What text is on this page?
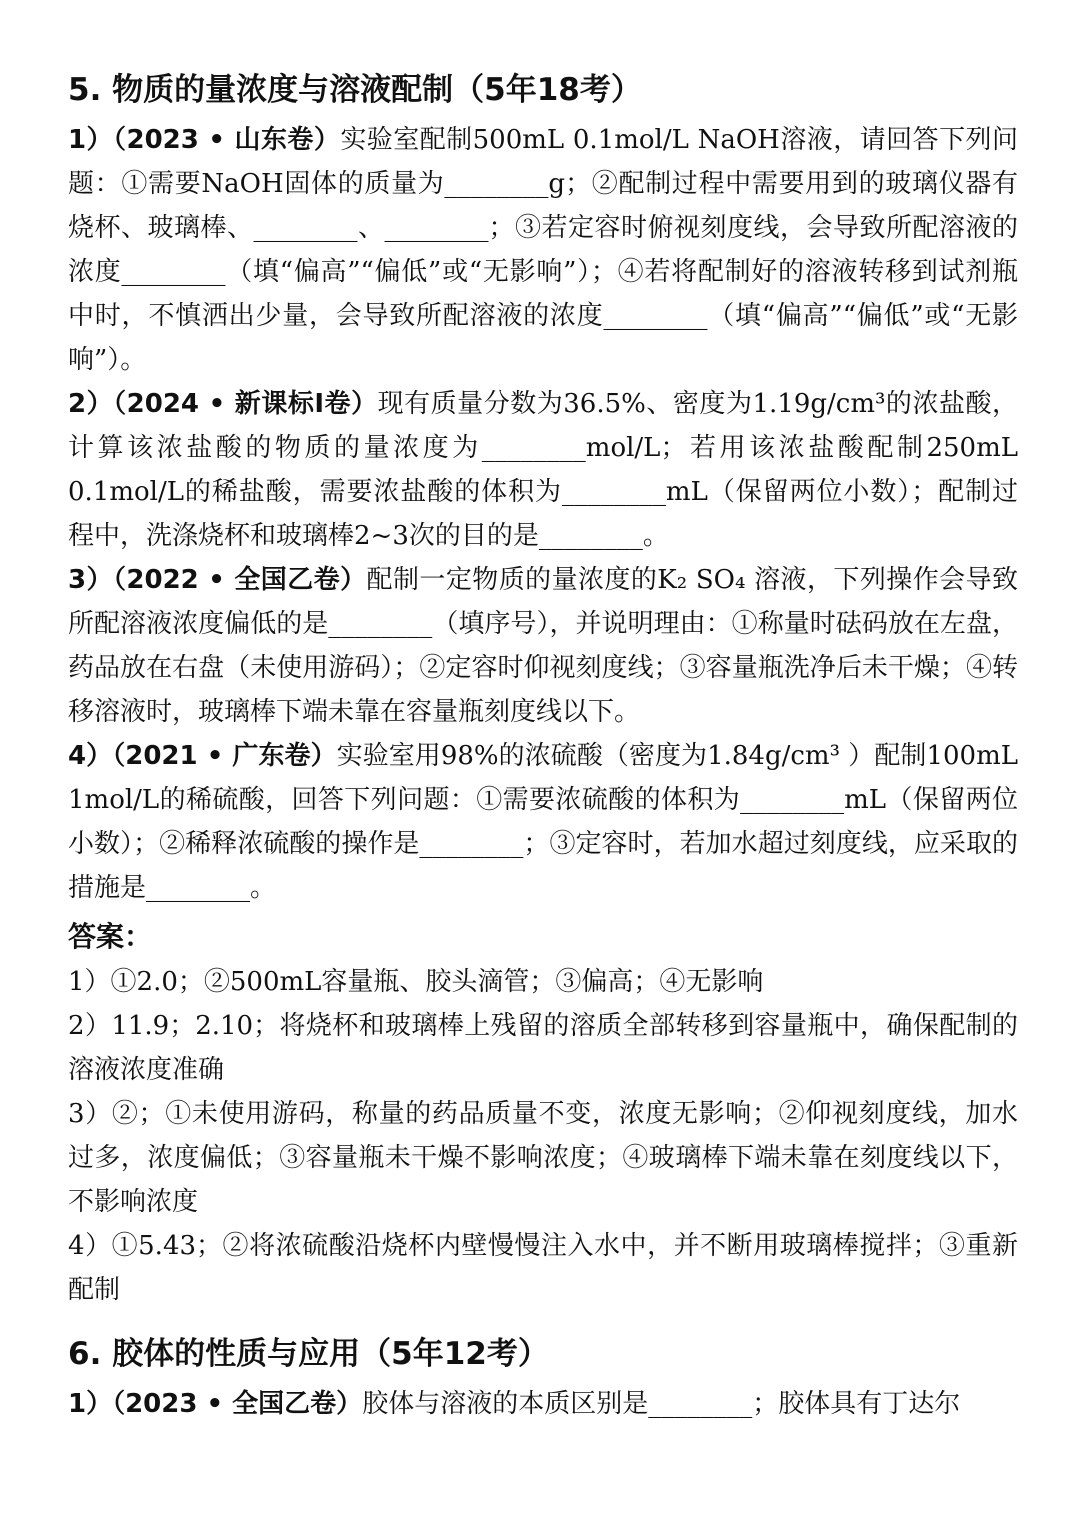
5. 物质的量浓度与溶液配制（5年18考）

1）（2023 • 山东卷）实验室配制500mL 0.1mol/L NaOH溶液，请回答下列问题：①需要NaOH固体的质量为________g；②配制过程中需要用到的玻璃仪器有烧杯、玻璃棒、________、________；③若定容时俯视刻度线，会导致所配溶液的浓度________（填“偏高”“偏低”或“无影响”）；④若将配制好的溶液转移到试剂瓶中时，不慎洒出少量，会导致所配溶液的浓度________（填“偏高”“偏低”或“无影响”）。

2）（2024 • 新课标Ⅰ卷）现有质量分数为36.5%、密度为1.19g/cm³的浓盐酸，计算该浓盐酸的物质的量浓度为________mol/L；若用该浓盐酸配制250mL 0.1mol/L的稀盐酸，需要浓盐酸的体积为________mL（保留两位小数）；配制过程中，洗涤烧杯和玻璃棒2~3次的目的是________。

3）（2022 • 全国乙卷）配制一定物质的量浓度的K₂ SO₄ 溶液，下列操作会导致所配溶液浓度偏低的是________（填序号），并说明理由：①称量时砝码放在左盘，药品放在右盘（未使用游码）；②定容时仰视刻度线；③容量瓶洗净后未干燥；④转移溶液时，玻璃棒下端未靠在容量瓶刻度线以下。

4）（2021 • 广东卷）实验室用98%的浓硫酸（密度为1.84g/cm³ ）配制100mL 1mol/L的稀硫酸，回答下列问题：①需要浓硫酸的体积为________mL（保留两位小数）；②稀释浓硫酸的操作是________；③定容时，若加水超过刻度线，应采取的措施是________。

答案：

1）①2.0；②500mL容量瓶、胶头滴管；③偏高；④无影响

2）11.9；2.10；将烧杯和玻璃棒上残留的溶质全部转移到容量瓶中，确保配制的溶液浓度准确

3）②；①未使用游码，称量的药品质量不变，浓度无影响；②仰视刻度线，加水过多，浓度偏低；③容量瓶未干燥不影响浓度；④玻璃棒下端未靠在刻度线以下，不影响浓度

4）①5.43；②将浓硫酸沿烧杯内壁慢慢注入水中，并不断用玻璃棒搅拌；③重新配制

6. 胶体的性质与应用（5年12考）

1）（2023 • 全国乙卷）胶体与溶液的本质区别是________；胶体具有丁达尔
